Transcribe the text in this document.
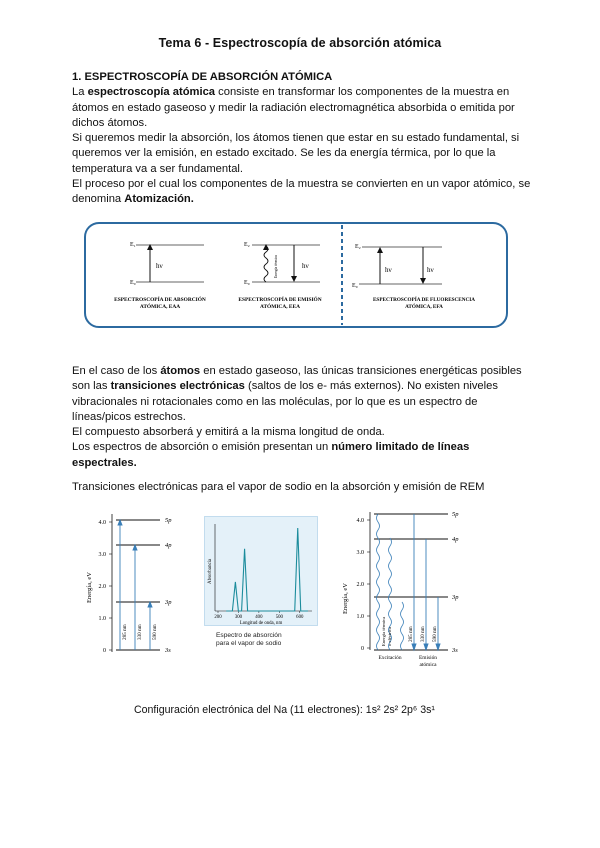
Tema 6 - Espectroscopía de absorción atómica

1. ESPECTROSCOPÍA DE ABSORCIÓN ATÓMICA

La espectroscopía atómica consiste en transformar los componentes de la muestra en átomos en estado gaseoso y medir la radiación electromagnética absorbida o emitida por dichos átomos.

Si queremos medir la absorción, los átomos tienen que estar en su estado fundamental, si queremos ver la emisión, en estado excitado. Se les da energía térmica, por lo que la temperatura va a ser fundamental.

El proceso por el cual los componentes de la muestra se convierten en un vapor atómico, se denomina Atomización.

E₁
E₀
hν
ESPECTROSCOPÍA DE ABSORCIÓN
ATÓMICA, EAA
E₂
E₀
Energía térmica	hν
ESPECTROSCOPÍA DE EMISIÓN
ATÓMICA, EEA
E₂
E₀
hν	hν
ESPECTROSCOPÍA DE FLUORESCENCIA
ATÓMICA, EFA

En el caso de los átomos en estado gaseoso, las únicas transiciones energéticas posibles son las transiciones electrónicas (saltos de los e- más externos). No existen niveles vibracionales ni rotacionales como en las moléculas, por lo que es un espectro de líneas/picos estrechos.

El compuesto absorberá y emitirá a la misma longitud de onda.

Los espectros de absorción o emisión presentan un número limitado de líneas espectrales.

Transiciones electrónicas para el vapor de sodio en la absorción y emisión de REM
Energía, eV
0
1.0
2.0
3.0
4.0	5p
4p
3p
3s
285 nm 330 nm 590 nm
Absorbancia
200	300	400	500	600
Longitud de onda, nm
Espectro de absorción
para el vapor de sodio
Energía, eV
0
1.0
2.0
3.0
4.0
5p
4p
3p
3s
Energía térmica o eléctrica	285 nm 330 nm 590 nm
Excitación	Emisión
atómica
Configuración electrónica del Na (11 electrones): 1s² 2s² 2p⁶ 3s¹
